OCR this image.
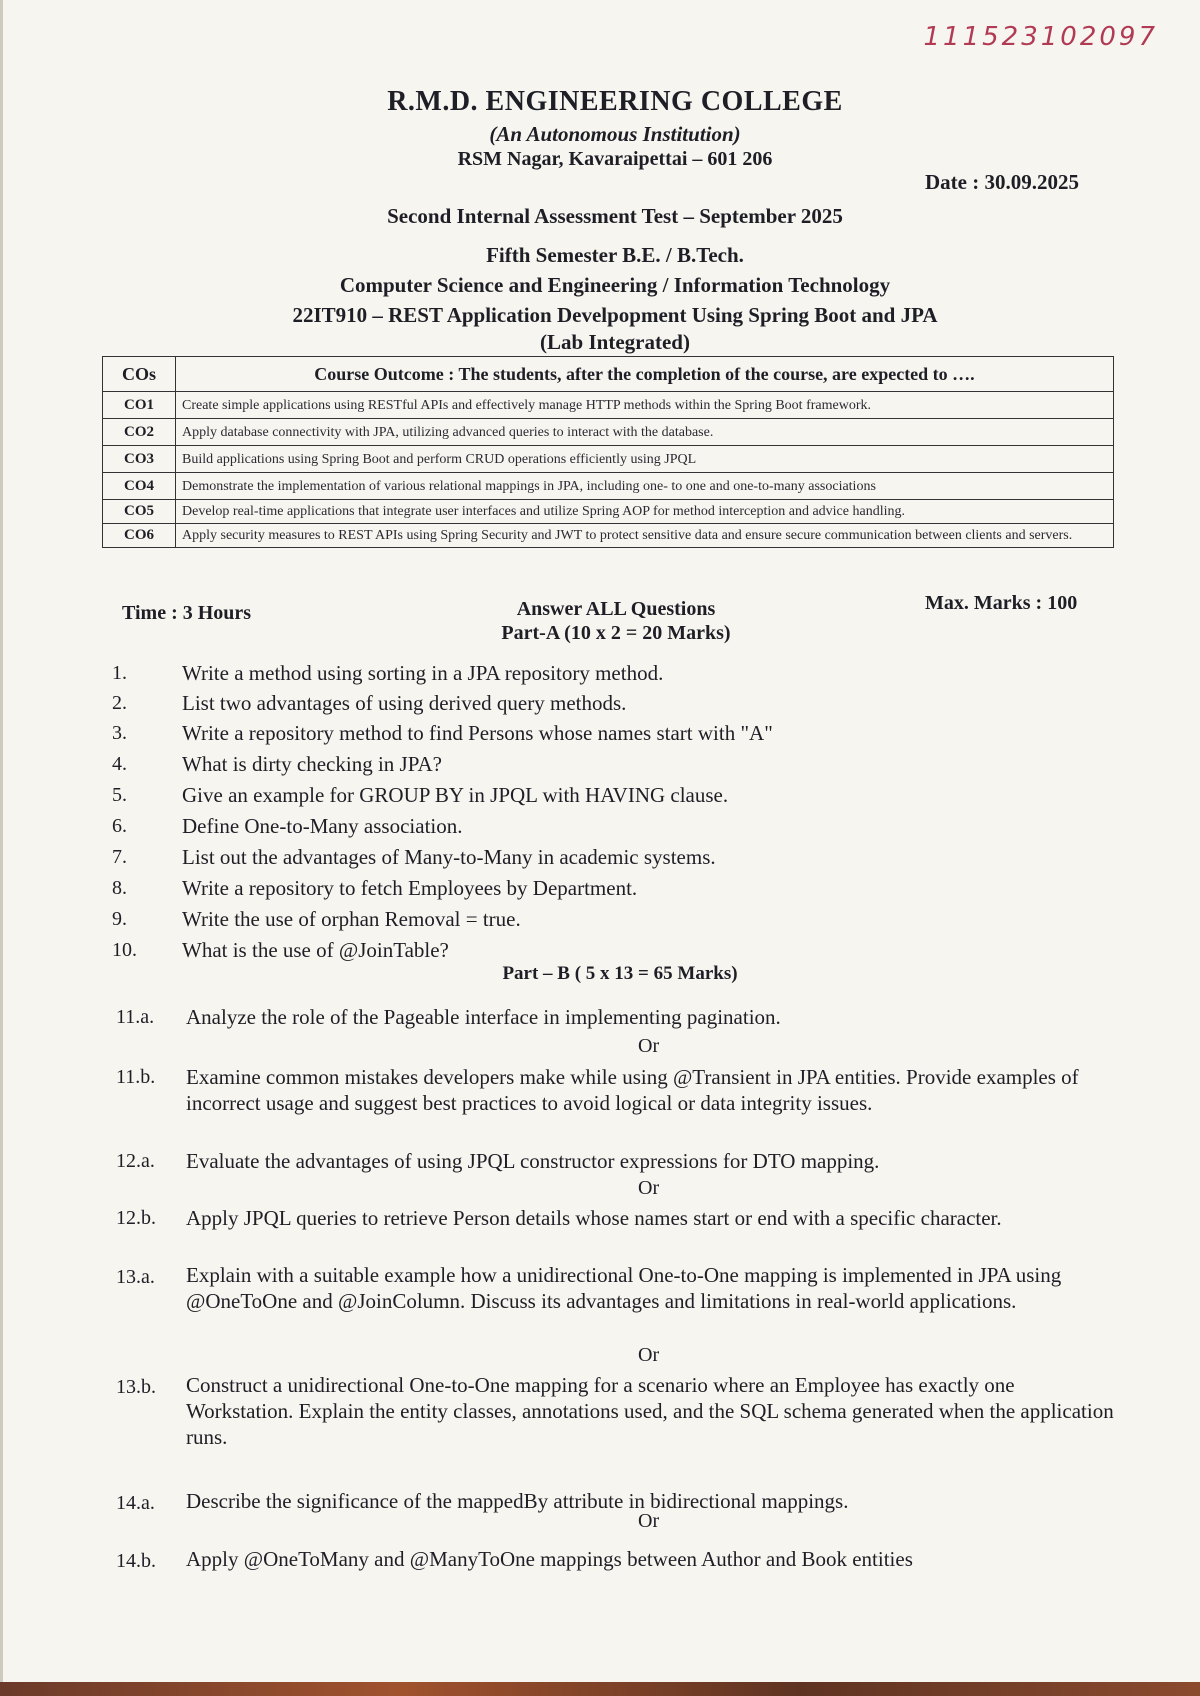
111523102097
R.M.D. ENGINEERING COLLEGE
(An Autonomous Institution)
RSM Nagar, Kavaraipettai – 601 206
Date : 30.09.2025
Second Internal Assessment Test – September 2025
Fifth Semester B.E. / B.Tech.
Computer Science and Engineering / Information Technology
22IT910 – REST Application Develpopment Using Spring Boot and JPA
(Lab Integrated)
COs	Course Outcome : The students, after the completion of the course, are expected to ….
CO1	Create simple applications using RESTful APIs and effectively manage HTTP methods within the Spring Boot framework.
CO2	Apply database connectivity with JPA, utilizing advanced queries to interact with the database.
CO3	Build applications using Spring Boot and perform CRUD operations efficiently using JPQL
CO4	Demonstrate the implementation of various relational mappings in JPA, including one- to one and one-to-many associations
CO5	Develop real-time applications that integrate user interfaces and utilize Spring AOP for method interception and advice handling.
CO6	Apply security measures to REST APIs using Spring Security and JWT to protect sensitive data and ensure secure communication between clients and servers.
Time : 3 Hours	Answer ALL Questions	Max. Marks : 100
Part-A (10 x 2 = 20 Marks)
1.	Write a method using sorting in a JPA repository method.
2.	List two advantages of using derived query methods.
3.	Write a repository method to find Persons whose names start with "A"
4.	What is dirty checking in JPA?
5.	Give an example for GROUP BY in JPQL with HAVING clause.
6.	Define One-to-Many association.
7.	List out the advantages of Many-to-Many in academic systems.
8.	Write a repository to fetch Employees by Department.
9.	Write the use of orphan Removal = true.
10. What is the use of @JoinTable?
Part – B ( 5 x 13 = 65 Marks)
11.a. Analyze the role of the Pageable interface in implementing pagination.
Or
11.b. Examine common mistakes developers make while using @Transient in JPA entities. Provide examples of incorrect usage and suggest best practices to avoid logical or data integrity issues.
12.a. Evaluate the advantages of using JPQL constructor expressions for DTO mapping.
Or
12.b. Apply JPQL queries to retrieve Person details whose names start or end with a specific character.
13.a. Explain with a suitable example how a unidirectional One-to-One mapping is implemented in JPA using @OneToOne and @JoinColumn. Discuss its advantages and limitations in real-world applications.
Or
13.b. Construct a unidirectional One-to-One mapping for a scenario where an Employee has exactly one Workstation. Explain the entity classes, annotations used, and the SQL schema generated when the application runs.
14.a. Describe the significance of the mappedBy attribute in bidirectional mappings.
Or
14.b. Apply @OneToMany and @ManyToOne mappings between Author and Book entities
